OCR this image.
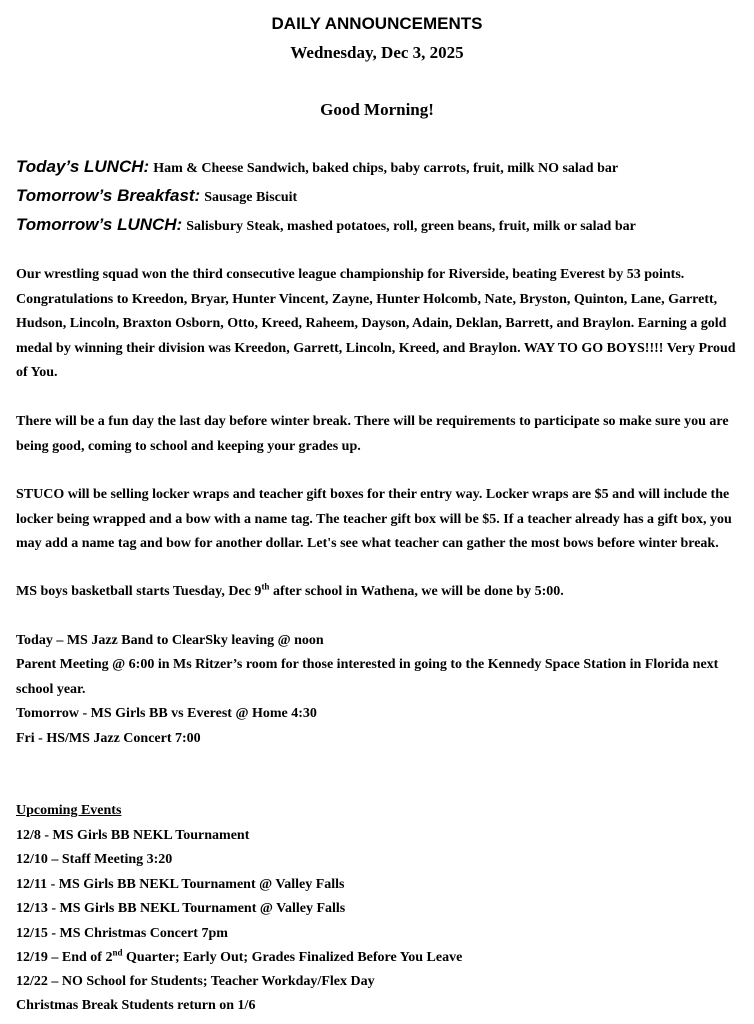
DAILY ANNOUNCEMENTS
Wednesday, Dec 3, 2025
Good Morning!
Today’s LUNCH: Ham & Cheese Sandwich, baked chips, baby carrots, fruit, milk NO salad bar
Tomorrow’s Breakfast: Sausage Biscuit
Tomorrow’s LUNCH: Salisbury Steak, mashed potatoes, roll, green beans, fruit, milk or salad bar

Our wrestling squad won the third consecutive league championship for Riverside, beating Everest by 53 points. Congratulations to Kreedon, Bryar, Hunter Vincent, Zayne, Hunter Holcomb, Nate, Bryston, Quinton, Lane, Garrett, Hudson, Lincoln, Braxton Osborn, Otto, Kreed, Raheem, Dayson, Adain, Deklan, Barrett, and Braylon. Earning a gold medal by winning their division was Kreedon, Garrett, Lincoln, Kreed, and Braylon. WAY TO GO BOYS!!!! Very Proud of You.

There will be a fun day the last day before winter break. There will be requirements to participate so make sure you are being good, coming to school and keeping your grades up.

STUCO will be selling locker wraps and teacher gift boxes for their entry way. Locker wraps are $5 and will include the locker being wrapped and a bow with a name tag. The teacher gift box will be $5. If a teacher already has a gift box, you may add a name tag and bow for another dollar. Let's see what teacher can gather the most bows before winter break.

MS boys basketball starts Tuesday, Dec 9th after school in Wathena, we will be done by 5:00.
Today – MS Jazz Band to ClearSky leaving @ noon

Parent Meeting @ 6:00 in Ms Ritzer’s room for those interested in going to the Kennedy Space Station in Florida next school year.

Tomorrow - MS Girls BB vs Everest @ Home 4:30
Fri - HS/MS Jazz Concert 7:00
Upcoming Events
12/8 - MS Girls BB NEKL Tournament
12/10 – Staff Meeting 3:20
12/11 - MS Girls BB NEKL Tournament @ Valley Falls
12/13 - MS Girls BB NEKL Tournament @ Valley Falls
12/15 - MS Christmas Concert 7pm
12/19 – End of 2nd Quarter; Early Out; Grades Finalized Before You Leave
12/22 – NO School for Students; Teacher Workday/Flex Day
Christmas Break Students return on 1/6
